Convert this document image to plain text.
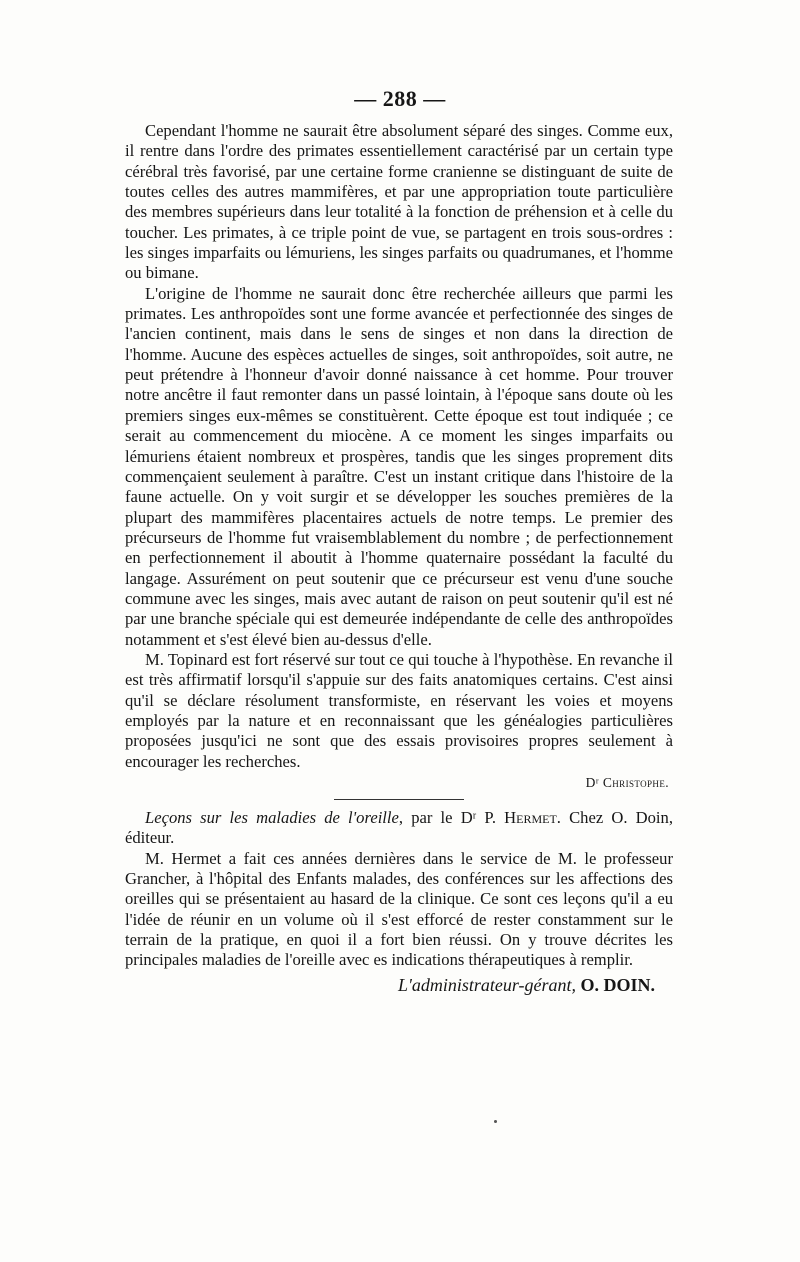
— 288 —

Cependant l'homme ne saurait être absolument séparé des singes. Comme eux, il rentre dans l'ordre des primates essentiellement caractérisé par un certain type cérébral très favorisé, par une certaine forme cranienne se distinguant de suite de toutes celles des autres mammifères, et par une appropriation toute particulière des membres supérieurs dans leur totalité à la fonction de préhension et à celle du toucher. Les primates, à ce triple point de vue, se partagent en trois sous-ordres : les singes imparfaits ou lémuriens, les singes parfaits ou quadrumanes, et l'homme ou bimane.

L'origine de l'homme ne saurait donc être recherchée ailleurs que parmi les primates. Les anthropoïdes sont une forme avancée et perfectionnée des singes de l'ancien continent, mais dans le sens de singes et non dans la direction de l'homme. Aucune des espèces actuelles de singes, soit anthropoïdes, soit autre, ne peut prétendre à l'honneur d'avoir donné naissance à cet homme. Pour trouver notre ancêtre il faut remonter dans un passé lointain, à l'époque sans doute où les premiers singes eux-mêmes se constituèrent. Cette époque est tout indiquée ; ce serait au commencement du miocène. A ce moment les singes imparfaits ou lémuriens étaient nombreux et prospères, tandis que les singes proprement dits commençaient seulement à paraître. C'est un instant critique dans l'histoire de la faune actuelle. On y voit surgir et se développer les souches premières de la plupart des mammifères placentaires actuels de notre temps. Le premier des précurseurs de l'homme fut vraisemblablement du nombre ; de perfectionnement en perfectionnement il aboutit à l'homme quaternaire possédant la faculté du langage. Assurément on peut soutenir que ce précurseur est venu d'une souche commune avec les singes, mais avec autant de raison on peut soutenir qu'il est né par une branche spéciale qui est demeurée indépendante de celle des anthropoïdes notamment et s'est élevé bien au-dessus d'elle.

M. Topinard est fort réservé sur tout ce qui touche à l'hypothèse. En revanche il est très affirmatif lorsqu'il s'appuie sur des faits anatomiques certains. C'est ainsi qu'il se déclare résolument transformiste, en réservant les voies et moyens employés par la nature et en reconnaissant que les généalogies particulières proposées jusqu'ici ne sont que des essais provisoires propres seulement à encourager les recherches.

Dʳ Christophe.

Leçons sur les maladies de l'oreille, par le Dʳ P. Hermet. Chez O. Doin, éditeur.

M. Hermet a fait ces années dernières dans le service de M. le professeur Grancher, à l'hôpital des Enfants malades, des conférences sur les affections des oreilles qui se présentaient au hasard de la clinique. Ce sont ces leçons qu'il a eu l'idée de réunir en un volume où il s'est efforcé de rester constamment sur le terrain de la pratique, en quoi il a fort bien réussi. On y trouve décrites les principales maladies de l'oreille avec es indications thérapeutiques à remplir.

L'administrateur-gérant, O. DOIN.
